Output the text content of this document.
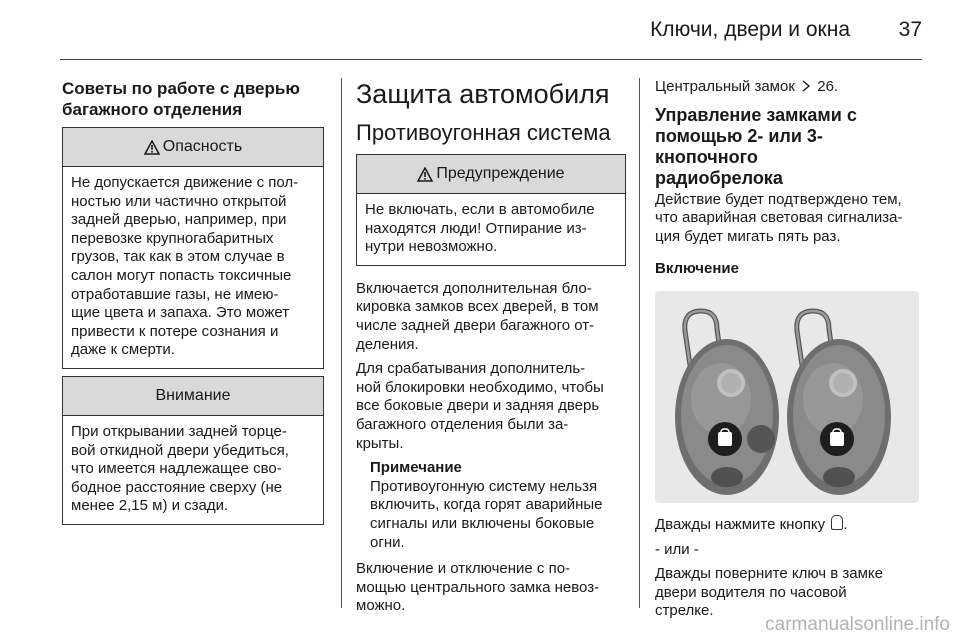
Ключи, двери и окна	37
Советы по работе с дверью
багажного отделения
Опасность
Не допускается движение с пол-
ностью или частично открытой
задней дверью, например, при
перевозке крупногабаритных
грузов, так как в этом случае в
салон могут попасть токсичные
отработавшие газы, не имею-
щие цвета и запаха. Это может
привести к потере сознания и
даже к смерти.
Внимание
При открывании задней торце-
вой откидной двери убедиться,
что имеется надлежащее сво-
бодное расстояние сверху (не
менее 2,15 м) и сзади.
Защита автомобиля
Противоугонная система
Предупреждение
Не включать, если в автомобиле
находятся люди! Отпирание из-
нутри невозможно.
Включается дополнительная бло-
кировка замков всех дверей, в том
числе задней двери багажного от-
деления.
Для срабатывания дополнитель-
ной блокировки необходимо, чтобы
все боковые двери и задняя дверь
багажного отделения были за-
крыты.
Примечание
Противоугонную систему нельзя
включить, когда горят аварийные
сигналы или включены боковые
огни.
Включение и отключение с по-
мощью центрального замка невоз-
можно.
Центральный замок 26.
Управление замками с
помощью 2- или 3-кнопочного
радиобрелока
Действие будет подтверждено тем,
что аварийная световая сигнализа-
ция будет мигать пять раз.
Включение
Дважды нажмите кнопку .
- или -
Дважды поверните ключ в замке
двери водителя по часовой
стрелке.
carmanualsonline.info
